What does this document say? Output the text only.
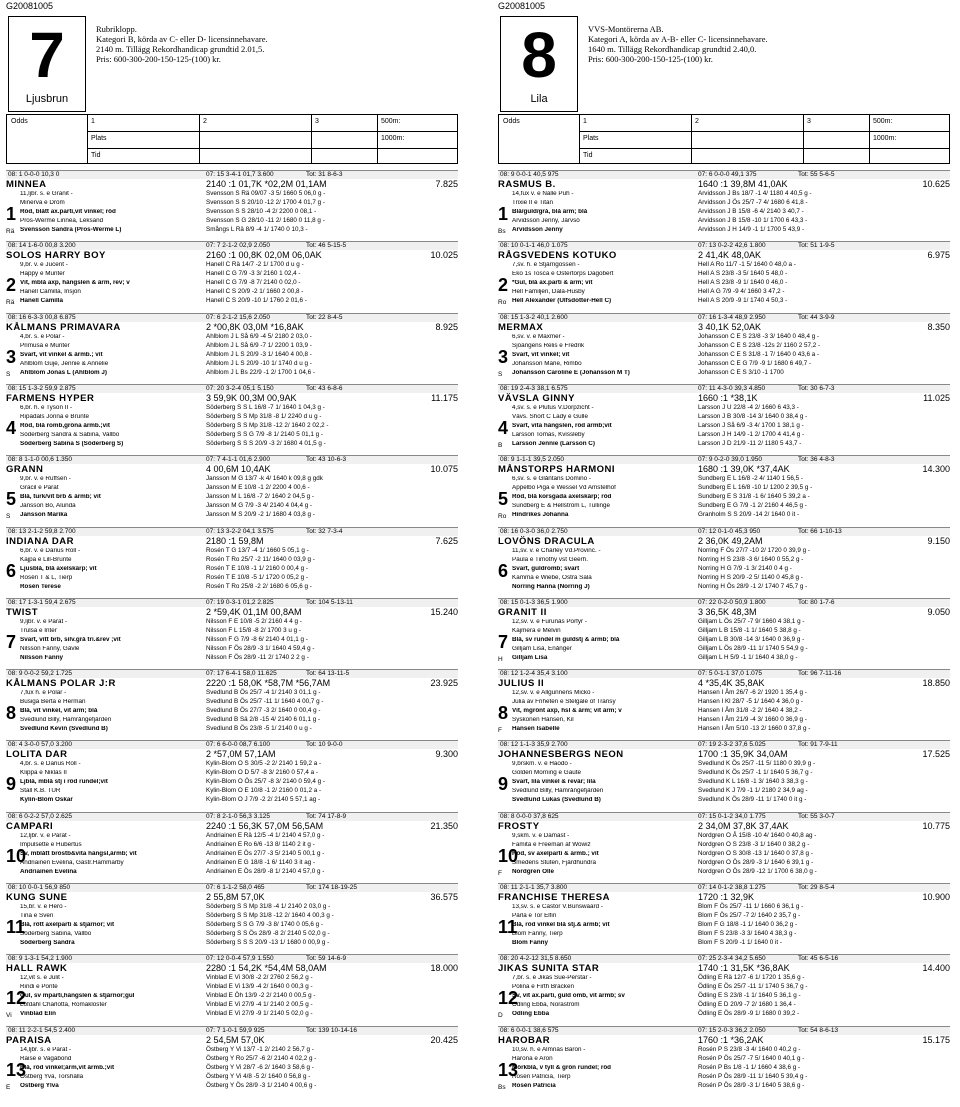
G20081005
7
Ljusbrun
Rubriklopp.
Kategori B, körda av C- eller D- licensinnehavare.
2140 m. Tillägg Rekordhandicap grundtid 2.01,5.
Pris: 600-300-200-150-125-(100) kr.
Odds	1	2	3	500m:
Plats	1000m:
Tid
08: 1 0-0-0 10,3 0	07: 15 3-4-1 01,7 3.600	Tot: 31 8-6-3
MINNEA	2140 :1 01,7K *02,2M 01,1AM	7.825
1
Rä
11,ljbr. s. e Granit -
Minerva e Dröm
Röd, blått ax.parti,vit vinkel; röd
Pros-Wermé Linnéa, Leksand
Svensson Sandra (Pros-Wermé L)
Svensson S Rä 09/07 -3 5/ 1660 5 06,0 g -
Svensson S S 20/10 -12 2/ 1700 4 01,7 g -
Svensson S S 28/10 -4 2/ 2200 0 08,1 -
Svensson S G 28/10 -11 2/ 1680 0 11,8 g -
Smångs L Rä 8/9 -4 1/ 1740 0 10,3 -
08: 14 1-6-0 00,8 3.200	07: 7 2-1-2 02,9 2.050	Tot: 46 5-15-5
SOLOS HARRY BOY	2160 :1 00,8K 02,0M 06,0AK	10.025
2
Rä
9,br. v. e Jucent -
Happy e Munter
Vit, mblå axp, hängslen & ärm, rev; v
Hanell Camilla, Insjön
Hanell Camilla
Hanell C Rä 14/7 -2 1/ 1700 d u g -
Hanell C G 7/9 -3 3/ 2160 1 02,4 -
Hanell C G 7/9 -8 7/ 2140 0 02,0 -
Hanell C S 20/9 -2 1/ 1660 2 00,8 -
Hanell C S 20/9 -10 1/ 1760 2 01,6 -
08: 16 6-3-3 00,8 6.875	07: 6 2-1-2 15,6 2.050	Tot: 22 8-4-5
KÅLMANS PRIMAVARA	2 *00,8K 03,0M *16,8AK	8.925
3
S
4,br. s. e Polar -
Primusa e Munter
Svart, vit vinkel & ärmb.; vit
Ahlblom Guje, Jennie & Annelie
Ahlblom Jonas L (Ahlblom J)
Ahlblom J L Så 6/9 -4 5/ 2180 2 03,0 -
Ahlblom J L Så 6/9 -7 1/ 2200 1 03,9 -
Ahlblom J L S 20/9 -3 1/ 1640 4 00,8 -
Ahlblom J L S 20/9 -10 1/ 1740 d u g -
Ahlblom J L Bs 22/9 -1 2/ 1700 1 04,6 -
08: 15 1-3-2 59,9 2.875	07: 20 3-2-4 05,1 5.150	Tot: 43 6-8-6
FARMENS HYPER	3 59,9K 00,3M 00,9AK	11.175
4
6,br. h. e Tyson II -
Ripadals Jonna e Brunte
Röd, blå romb,gröna ärmb.;vit
Söderberg Sandra & Sabina, Vallbo
Söderberg Sabina S (Söderberg S)
Söderberg S S L 16/8 -7 1/ 1640 1 04,3 g -
Söderberg S S Mp 31/8 -8 1/ 2240 d u g -
Söderberg S S Mp 31/8 -12 2/ 1640 2 02,2 -
Söderberg S S G 7/9 -8 1/ 2140 5 01,1 g -
Söderberg S S S 20/9 -3 2/ 1680 4 01,5 g -
08: 8 1-1-0 00,6 1.350	07: 7 4-1-1 01,6 2.900	Tot: 43 10-6-3
GRANN	4 00,6M 10,4AK	10.075
5
S
9,br. v. e Ruffsen -
Gracil e Parat
Blå, turk/vit brb & ärmb; vit
Jansson Bo, Alunda
Jansson Marika
Jansson M G 13/7 -k 4/ 1640 k 09,8 g gdk
Jansson M E 10/8 -1 2/ 2200 4 00,6 -
Jansson M L 16/8 -7 2/ 1640 2 04,5 g -
Jansson M G 7/9 -3 4/ 2140 4 04,4 g -
Jansson M S 20/9 -2 1/ 1680 4 03,8 g -
08: 13 2-1-2 59,8 2.700	07: 13 3-2-2 04,1 3.575	Tot: 32 7-3-4
INDIANA DAR	2180 :1 59,8M	7.625
6
6,br. v. e Darius Roll -
Kajpa e Lill-Brunte
Ljusblå, blå axelskärp; vit
Rosén T & L, Tierp
Rosén Terese
Rosén T G 13/7 -4 1/ 1660 5 05,1 g -
Rosén T Ro 25/7 -2 11/ 1640 0 03,9 g -
Rosén T E 10/8 -1 1/ 2160 0 00,4 g -
Rosén T E 10/8 -5 1/ 1720 0 05,2 g -
Rosén T Ro 25/8 -2 2/ 1680 6 05,6 g -
08: 17 1-3-1 59,4 2.675	07: 19 0-3-1 01,2 2.825	Tot: 104 5-13-11
TWIST	2 *59,4K 01,1M 00,8AM	15.240
7
9,ljbr. v. e Parat -
Trulsa e Inter
Svart, vitt brb, silv.grå tri.&rev ;vit
Nilsson Fanny, Gävle
Nilsson Fanny
Nilsson F E 10/8 -5 2/ 2160 4 4 g -
Nilsson F L 15/8 -8 2/ 1700 3 u g -
Nilsson F G 7/9 -8 6/ 2140 4 01,1 g -
Nilsson F Ös 28/9 -3 1/ 1640 4 59,4 g -
Nilsson F Ös 28/9 -11 2/ 1740 2 2 g -
08: 9 0-0-2 59,2 1.725	07: 17 6-4-1 58,0 11.625	Tot: 64 13-11-5
KÅLMANS POLAR J:R	2220 :1 58,0K *58,7M *56,7AM	23.925
8
7,fux h. e Polar -
Busiga Berta e Herman
Blå, vit vinkel, vit ärm; blå
Svedlund Billy, Hamrångefjärden
Svedlund Kevin (Svedlund B)
Svedlund B Ös 25/7 -4 1/ 2140 3 01,1 g -
Svedlund B Ös 25/7 -11 1/ 1640 4 00,7 g -
Svedlund B Ös 27/7 -3 2/ 1640 0 00,4 g -
Svedlund B Sä 2/8 -15 4/ 2140 6 01,1 g -
Svedlund B Ös 23/8 -5 1/ 2140 0 u g -
08: 4 3-0-0 57,0 3.200	07: 6 6-0-0 08,7 6.100	Tot: 10 9-0-0
LOLITA DAR	2 *57,0M 57,1AM	9.300
9
4,br. s. e Darius Roll -
Klippa e Niklas II
Ljblå, mblå stj i röd rundel;vit
Stall K.B. TUR
Kylin-Blom Oskar
Kylin-Blom O S 30/5 -2 2/ 2140 1 59,2 a -
Kylin-Blom O D 5/7 -8 3/ 2160 0 57,4 a -
Kylin-Blom O Ös 25/7 -8 3/ 2140 0 59,4 g -
Kylin-Blom O E 10/8 -1 2/ 2160 0 01,2 a -
Kylin-Blom O J 7/9 -2 2/ 2140 5 57,1 ag -
08: 6 0-2-2 57,0 2.625	07: 8 2-1-0 56,3 3.125	Tot: 74 17-8-9
CAMPARI	2240 :1 56,3K 57,0M 56,5AM	21.350
10
12,ljbr. v. e Parat -
Impulsette e Hubertus
Sv, mblått bröstb&vita hängsl,ärmb; vit
Andriainen Evelina, Gästr.Hammarby
Andriainen Evelina
Andriainen E Rä 12/5 -4 1/ 2140 4 57,0 g -
Andriainen E Ro 6/6 -13 8/ 1140 2 it g -
Andriainen E Ös 27/7 -3 5/ 2140 5 00,1 g -
Andriainen E G 18/8 -1 6/ 1140 3 it ag -
Andriainen E Ös 28/9 -8 1/ 2140 4 57,0 g -
08: 10 0-0-1 56,9 850	07: 6 1-1-2 58,0 465	Tot: 174 18-19-25
KUNG SUNE	2 55,8M 57,0K	36.575
11
15,br. v. e Hero -
Tina e Sven
Blå, rött axelparti & stjärnor; vit
Söderberg Sabina, Vallbo
Söderberg Sandra
Söderberg S S Mp 31/8 -4 1/ 2140 2 03,0 g -
Söderberg S S Mp 31/8 -12 2/ 1640 4 00,3 g -
Söderberg S S G 7/9 -3 8/ 1740 0 05,6 g -
Söderberg S S Ös 28/9 -8 2/ 2140 5 02,0 g -
Söderberg S S S 20/9 -13 1/ 1680 0 00,9 g -
08: 9 1-3-1 54,2 1.900	07: 12 0-0-4 57,9 1.550	Tot: 59 14-6-9
HALL RAWK	2280 :1 54,2K *54,4M 58,0AM	18.000
12
Vi
12,vit s. e Julit -
Rindi e Ponte
Gul, sv mparti,hängslen & stjärnor;gul
Löfdahl Charlotta, Romakloster
Vinblad Elin
Vinblad E Vi 30/8 -2 2/ 2760 2 56,2 g -
Vinblad E Vi 13/9 -4 2/ 1640 0 00,3 g -
Vinblad E Öh 13/9 -2 2/ 2140 0 00,5 g -
Vinblad E Vi 27/9 -4 1/ 2140 2 00,5 g -
Vinblad E Vi 27/9 -9 1/ 2140 5 02,0 g -
08: 11 2-2-1 54,5 2.400	07: 7 1-0-1 59,9 925	Tot: 139 10-14-16
PARAISA	2 54,5M 57,0K	20.425
13
E
14,ljbr. s. e Parat -
Raise e Vagabond
Blå, röd vinkel;ärm,vit ärmb.;vit
Östberg Yva, Torshälla
Östberg Ylva
Östberg Y Vi 13/7 -1 2/ 2140 2 56,7 g -
Östberg Y Ro 25/7 -6 2/ 2140 4 02,2 g -
Östberg Y Vi 28/7 -6 2/ 1640 3 58,6 g -
Östberg Y Vi 4/8 -5 2/ 1640 0 56,8 g -
Östberg Y Ös 28/9 -3 1/ 2140 4 00,6 g -
G20081005
8
Lila
VVS-Montörerna AB.
Kategori A, körda av A-B- eller C- licensinnehavare.
1640 m. Tillägg Rekordhandicap grundtid 2.40,0.
Pris: 600-300-200-150-125-(100) kr.
Odds	1	2	3	500m:
Plats	1000m:
Tid
08: 9 0-0-1 40,5 975	07: 6 0-0-0 49,1 375	Tot: 55 5-6-5
RASMUS B.	1640 :1 39,8M 41,0AK	10.625
1
Bs
14,fux v. e Nalle Puh -
Trixie II e Titan
Blå/guld/grå, blå ärm; blå
Arvidsson Jenny, Järvsö
Arvidsson Jenny
Arvidsson J Bs 18/7 -1 4/ 1180 4 40,5 g -
Arvidsson J Ös 25/7 -7 4/ 1680 6 41,8 -
Arvidsson J B 15/8 -6 4/ 2140 3 40,7 -
Arvidsson J B 15/8 -10 1/ 1700 6 43,3 -
Arvidsson J H 14/9 -1 1/ 1700 5 43,9 -
08: 10 0-1-1 46,0 1.075	07: 13 0-2-2 42,6 1.800	Tot: 51 1-9-5
RÅGSVEDENS KOTUKO	2 41,4K 48,0AK	6.975
2
Ro
7,sv. h. e Stjärngossen -
Eko 1s Tosca e Östertorps Dagobert
*Gul, blå ax.parti & ärm; vit
Hell Familjen, Dala-Husby
Hell Alexander (Ulfsdotter-Hell C)
Hell A Ro 11/7 -1 5/ 1640 0 48,0 a -
Hell A S 23/8 -3 5/ 1640 5 48,0 -
Hell A S 23/8 -9 1/ 1640 0 46,0 -
Hell A G 7/9 -9 4/ 1660 3 47,2 -
Hell A S 20/9 -9 1/ 1740 4 50,3 -
08: 15 1-3-2 40,1 2.600	07: 16 1-3-4 48,9 2.950	Tot: 44 3-9-9
MERMAX	3 40,1K 52,0AK	8.350
3
S
6,sv. v. e Maxmer -
Sjöängens Relis e Fredrik
Svart, vit vinkel; vit
Johansson Marie, Rimbo
Johansson Caroline E (Johansson M T)
Johansson C E S 23/8 -3 3/ 1640 0 48,4 g -
Johansson C E S 23/8 -12s 2/ 1160 2 57,2 -
Johansson C E S 31/8 -1 7/ 1640 0 43,6 a -
Johansson C E G 7/9 -9 1/ 1680 6 49,7 -
Johansson C E S 3/10 -1 1700
08: 19 2-4-3 38,1 6.575	07: 11 4-3-0 39,3 4.850	Tot: 30 6-7-3
VÄVSLA GINNY	1660 :1 *38,1K	11.025
4
B
4,sv. s. e Plutus V.Dorpzicht -
Vävs. Short C Lady e Gulle
Svart, vita hängslen, röd ärmb;vit
Larsson Tomas, Kvissleby
Larsson Jennie (Larsson C)
Larsson J U 22/8 -4 2/ 1660 6 43,3 -
Larsson J B 30/8 -14 3/ 1640 0 38,4 g -
Larsson J Så 6/9 -3 4/ 1700 1 38,1 g -
Larsson J H 14/9 -1 2/ 1700 4 41,4 g -
Larsson J D 21/9 -11 2/ 1180 5 43,7 -
08: 9 1-1-1 39,5 2.050	07: 9 0-2-0 39,0 1.950	Tot: 36 4-8-3
MÅNSTORPS HARMONI	1680 :1 39,0K *37,4AK	14.300
5
Ro
6,sv. s. e Glåntans Domino -
Äppelbo Piga e Wessel Vd Amstelhof
Röd, blå korsgada axelskärp; röd
Sundberg E & Hellström L, Tullinge
Hindrikes Johanna
Sundberg E L 16/8 -2 4/ 1140 1 56,5 -
Sundberg E L 16/8 -10 1/ 1200 2 39,5 g -
Sundberg E S 31/8 -1 6/ 1640 5 39,2 a -
Sundberg E G 7/9 -1 2/ 2160 4 46,5 g -
Granholm S S 20/9 -14 2/ 1640 0 it -
08: 16 0-3-0 36,0 2.750	07: 12 0-1-0 45,3 950	Tot: 66 1-10-13
LOVÖNS DRACULA	2 36,0K 49,2AM	9.150
6
11,sv. v. e Charley Vd.Provinc. -
Paula e Timothy vst Geerh.
Svart, guldromb; svart
Kamma e Wiebe, Östra Sala
Norring Hanna (Norring J)
Norring F Ös 27/7 -10 2/ 1720 0 39,9 g -
Norring H S 23/8 -3 6/ 1640 0 55,2 g -
Norring H G 7/9 -1 3/ 2140 0 4 g -
Norring H S 20/9 -2 5/ 1140 0 45,8 g -
Norring H Ös 28/9 -1 2/ 1740 7 45,7 g -
08: 15 0-1-3 36,5 1.900	07: 22 0-2-0 50,9 1.800	Tot: 80 1-7-6
GRANIT II	3 36,5K 48,3M	9.050
7
H
12,sv. v. e Furunäs Porfyr -
Kajmera e Melvin
Blå, sv rundel m guldstj & ärmb; blå
Gilljam Lisa, Enånger
Gilljam Lisa
Gilljam L Ös 25/7 -7 9/ 1660 4 38,1 g -
Gilljam L B 15/8 -1 1/ 1640 5 38,8 g -
Gilljam L B 30/8 -14 3/ 1640 0 36,9 g -
Gilljam L Ös 28/9 -11 1/ 1740 5 54,9 g -
Gilljam L H 5/9 -1 1/ 1640 4 38,0 g -
08: 12 1-2-4 35,4 3.100	07: 5 0-1-1 37,0 1.075	Tot: 96 7-11-16
JULIUS II	4 *35,4K 35,8AK	18.850
8
F
12,sv. v. e Allgunnens Micko -
Julia av Friheten e Stelgale of Transy
Vit, mgrönt axp, hsl & ärm; vit ärm; v
Syskonen Hansen, Kil
Hansen Isabelle
Hansen I Åm 26/7 -6 2/ 1920 1 35,4 g -
Hansen I Kl 28/7 -5 1/ 1640 4 36,0 g -
Hansen I Åm 31/8 -2 2/ 1640 4 38,2 -
Hansen I Åm 21/9 -4 3/ 1660 0 36,9 g -
Hansen I Åm 5/10 -13 2/ 1660 0 37,8 g -
08: 12 1-1-3 35,9 2.700	07: 19 2-3-2 37,6 5.025	Tot: 91 7-9-11
JOHANNESBERGS NEON	1700 :1 35,9K 34,0AM	17.525
9
9,brskm. v. e Haodo -
Golden Morning e Gaute
Svart, lila vinkel & revär; lila
Svedlund Billy, Hamrångefjärden
Svedlund Lukas (Svedlund B)
Svedlund K Ös 25/7 -11 5/ 1180 0 39,9 g -
Svedlund K Ös 25/7 -1 1/ 1640 5 36,7 g -
Svedlund K L 16/8 -1 3/ 1640 3 38,3 g -
Svedlund K J 7/9 -1 1/ 2180 2 34,9 ag -
Svedlund K Ös 28/9 -11 1/ 1740 0 it g -
08: 8 0-0-0 37,8 625	07: 15 0-1-2 34,0 1.775	Tot: 55 3-0-7
FROSTY	2 34,0M 37,8K 37,4AK	10.775
10
F
9,skm. v. e Damast -
Famita e Freeman af Wowiz
Röd, sv axelparti & ärmb.; vit
Smedens Stuteri, Fjärdhundra
Nordgren Olle
Nordgren O Å 15/8 -10 4/ 1640 0 40,8 ag -
Nordgren O S 23/8 -3 1/ 1640 0 38,2 g -
Nordgren O S 30/8 -13 1/ 1640 0 37,8 g -
Nordgren O Ös 28/9 -3 1/ 1640 6 39,1 g -
Nordgren O Ös 28/9 -12 1/ 1700 6 38,0 g -
08: 11 2-1-1 35,7 3.800	07: 14 0-1-2 38,8 1.275	Tot: 29 8-5-4
FRANCHISE THERESA	1720 :1 32,9K	10.900
11
13,sv. s. e Castor V.Bunswaard -
Pärla e Tor Elfin
Blå, röd vinkel blå stj.& ärmb; vit
Blom Fanny, Tierp
Blom Fanny
Blom F Ös 25/7 -11 1/ 1660 6 36,1 g -
Blom F Ös 25/7 -7 2/ 1640 2 35,7 g -
Blom F G 18/8 -1 1/ 1640 0 36,2 g -
Blom F S 23/8 -3 3/ 1640 4 38,3 g -
Blom F S 20/9 -1 1/ 1640 0 it -
08: 20 4-2-12 31,5 8.650	07: 25 2-3-4 34,2 5.650	Tot: 45 6-5-16
JIKAS SUNITA STAR	1740 :1 31,5K *36,8AK	14.400
12
D
7,br. s. e Jikas Sue-Perstar -
Polina e Firth Bracken
Sv, vit ax.parti, guld omb, vit ärmb; sv
Ödling Ebba, Noraström
Ödling Ebba
Ödling E Rä 12/7 -6 1/ 1720 1 35,6 g -
Ödling E Ös 25/7 -11 1/ 1740 5 36,7 g -
Ödling E S 23/8 -1 1/ 1640 5 36,1 g -
Ödling E D 20/9 -7 2/ 1680 1 36,4 -
Ödling E Ös 28/9 -9 1/ 1680 0 39,2 -
08: 6 0-0-1 38,6 575	07: 15 2-0-3 36,2 2.050	Tot: 54 8-6-13
HAROBAR	1760 :1 *36,2AK	15.175
13
Bs
10,sv. h. e Almnäs Baron -
Harona e Aron
Mörkblå, v tyll & grön rundel; röd
Rosén Patricia, Tierp
Rosén Patricia
Rosén P S 23/8 -3 4/ 1640 0 40,2 g -
Rosén P Ös 25/7 -7 5/ 1640 0 40,1 g -
Rosén P Bs 1/8 -1 1/ 1660 4 38,6 g -
Rosén P Ös 28/9 -11 1/ 1640 5 39,4 g -
Rosén P Ös 28/9 -3 1/ 1640 5 38,6 g -
